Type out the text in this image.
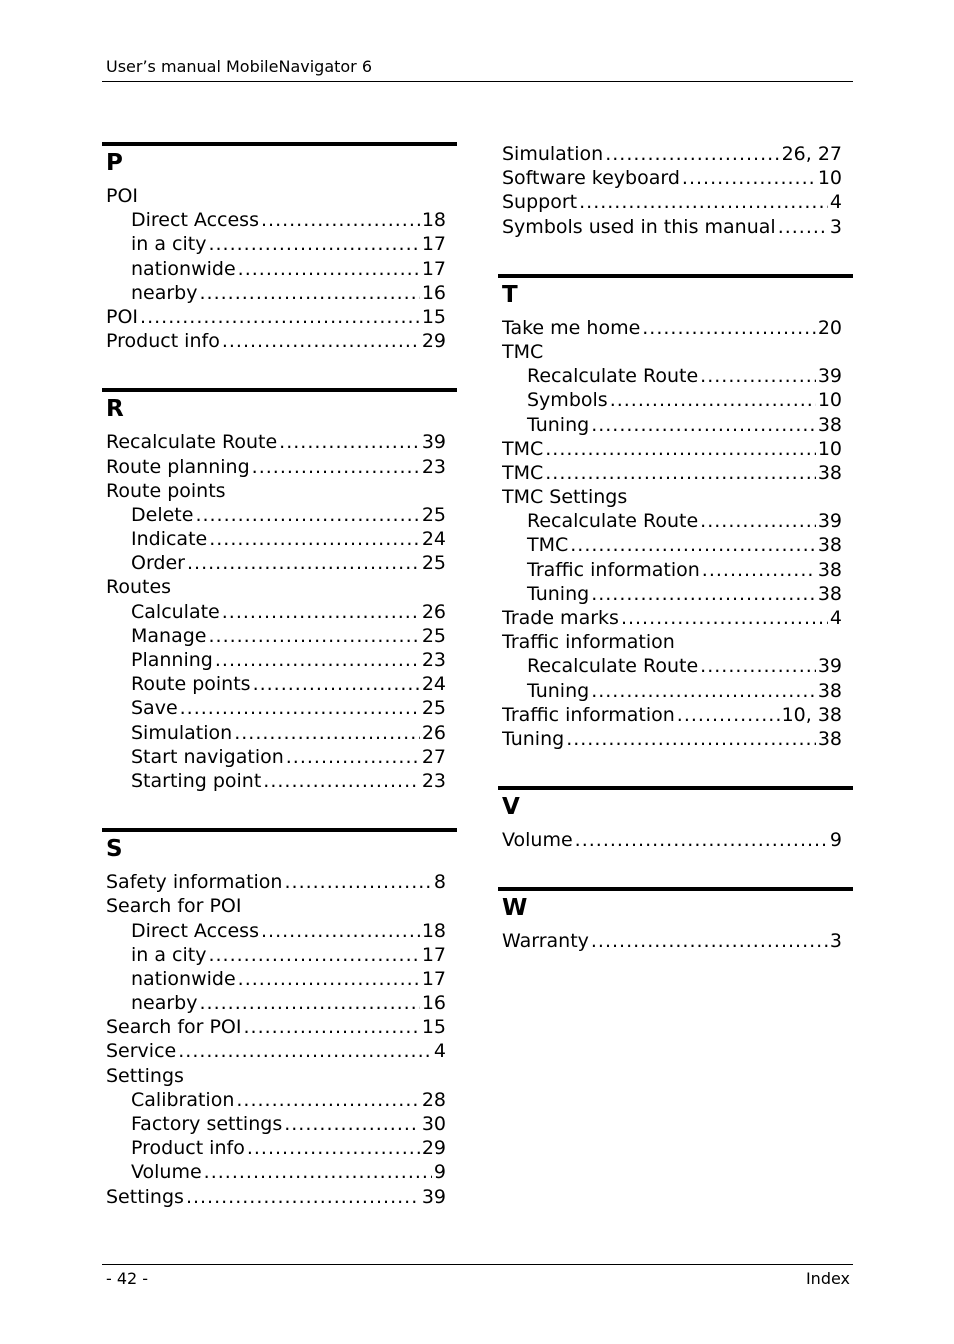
User’s manual MobileNavigator 6
P
POI
Direct Access .....	18
in a city .....	17
nationwide .....	17
nearby .....	16
POI .....	15
Product info .....	29
R
Recalculate Route .....	39
Route planning .....	23
Route points
Delete .....	25
Indicate .....	24
Order .....	25
Routes
Calculate .....	26
Manage .....	25
Planning .....	23
Route points .....	24
Save .....	25
Simulation .....	26
Start navigation .....	27
Starting point .....	23
S
Safety information .....	8
Search for POI
Direct Access .....	18
in a city .....	17
nationwide .....	17
nearby .....	16
Search for POI .....	15
Service .....	4
Settings
Calibration .....	28
Factory settings .....	30
Product info .....	29
Volume .....	9
Settings .....	39
Simulation .....	26, 27
Software keyboard .....	10
Support .....	4
Symbols used in this manual .....	3
T
Take me home .....	20
TMC
Recalculate Route .....	39
Symbols .....	10
Tuning .....	38
TMC .....	10
TMC .....	38
TMC Settings
Recalculate Route .....	39
TMC .....	38
Traffic information .....	38
Tuning .....	38
Trade marks .....	4
Traffic information
Recalculate Route .....	39
Tuning .....	38
Traffic information .....	10, 38
Tuning .....	38
V
Volume .....	9
W
Warranty .....	3
- 42 -	Index
